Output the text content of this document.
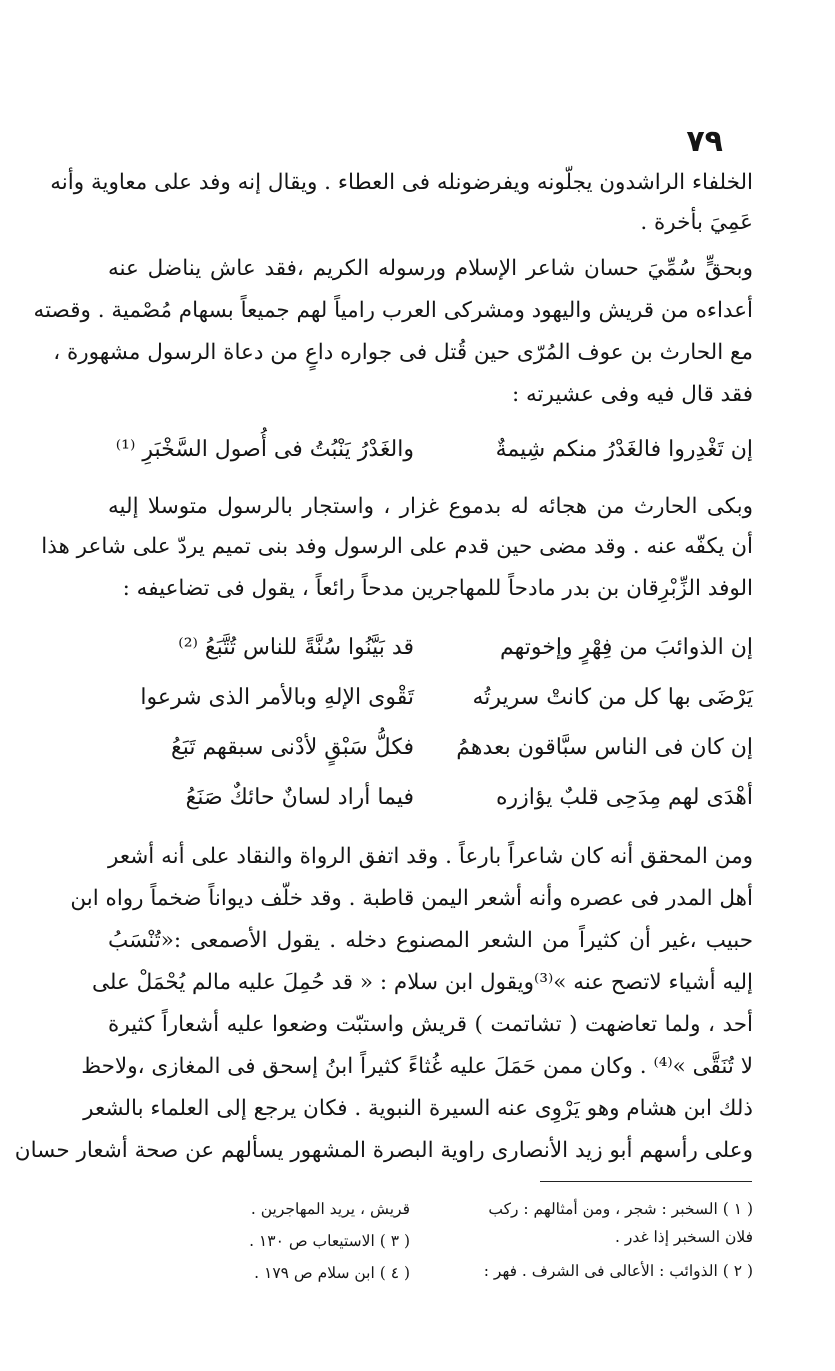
٧٩
الخلفاء الراشدون يجلّونه ويفرضونله فى العطاء . ويقال إنه وفد على معاوية وأنه
عَمِيَ بأخرة .
وبحقٍّ سُمِّيَ حسان شاعر الإسلام ورسوله الكريم ،فقد عاش يناضل عنه
أعداءه من قريش واليهود ومشركى العرب رامياً لهم جميعاً بسهام مُصْمية . وقصته
مع الحارث بن عوف المُرّى حين قُتل فى جواره داعٍ من دعاة الرسول مشهورة ،
فقد قال فيه وفى عشيرته :
إن تَغْدِروا فالغَدْرُ منكم شِيمةٌ
والغَدْرُ يَنْبُتُ فى أُصول السَّخْبَرِ ⁽¹⁾
وبكى الحارث من هجائه له بدموع غزار ، واستجار بالرسول متوسلا إليه
أن يكفّه عنه . وقد مضى حين قدم على الرسول وفد بنى تميم يردّ على شاعر هذا
الوفد الزِّبْرِقان بن بدر مادحاً للمهاجرين مدحاً رائعاً ، يقول فى تضاعيفه :
إن الذوائبَ من فِهْرٍ وإخوتهم
قد بَيَّنُوا سُنَّةً للناس تُتَّبَعُ ⁽²⁾
يَرْضَى بها كل من كانتْ سريرتُه
تَقْوى الإلهِ وبالأمر الذى شرعوا
إن كان فى الناس سبَّاقون بعدهمُ
فكلُّ سَبْقٍ لأدْنى سبقهم تَبَعُ
أهْدَى لهم مِدَحِى قلبٌ يؤازره
فيما أراد لسانٌ حائكٌ صَنَعُ
ومن المحقق أنه كان شاعراً بارعاً . وقد اتفق الرواة والنقاد على أنه أشعر
أهل المدر فى عصره وأنه أشعر اليمن قاطبة . وقد خلّف ديواناً ضخماً رواه ابن
حبيب ،غير أن كثيراً من الشعر المصنوع دخله . يقول الأصمعى :«تُنْسَبُ
إليه أشياء لاتصح عنه »⁽³⁾ويقول ابن سلام : « قد حُمِلَ عليه مالم يُحْمَلْ على
أحد ، ولما تعاضهت ( تشاتمت ) قريش واستبّت وضعوا عليه أشعاراً كثيرة
لا تُنَقَّى »⁽⁴⁾ . وكان ممن حَمَلَ عليه غُثاءً كثيراً ابنُ إسحق فى المغازى ،ولاحظ
ذلك ابن هشام وهو يَرْوِى عنه السيرة النبوية . فكان يرجع إلى العلماء بالشعر
وعلى رأسهم أبو زيد الأنصارى راوية البصرة المشهور يسألهم عن صحة أشعار حسان
( ١ ) السخبر : شجر ، ومن أمثالهم : ركب
فلان السخبر إذا غدر .
( ٢ ) الذوائب : الأعالى فى الشرف . فهر :
قريش ، يريد المهاجرين .
( ٣ ) الاستيعاب ص ١٣٠ .
( ٤ ) ابن سلام ص ١٧٩ .
